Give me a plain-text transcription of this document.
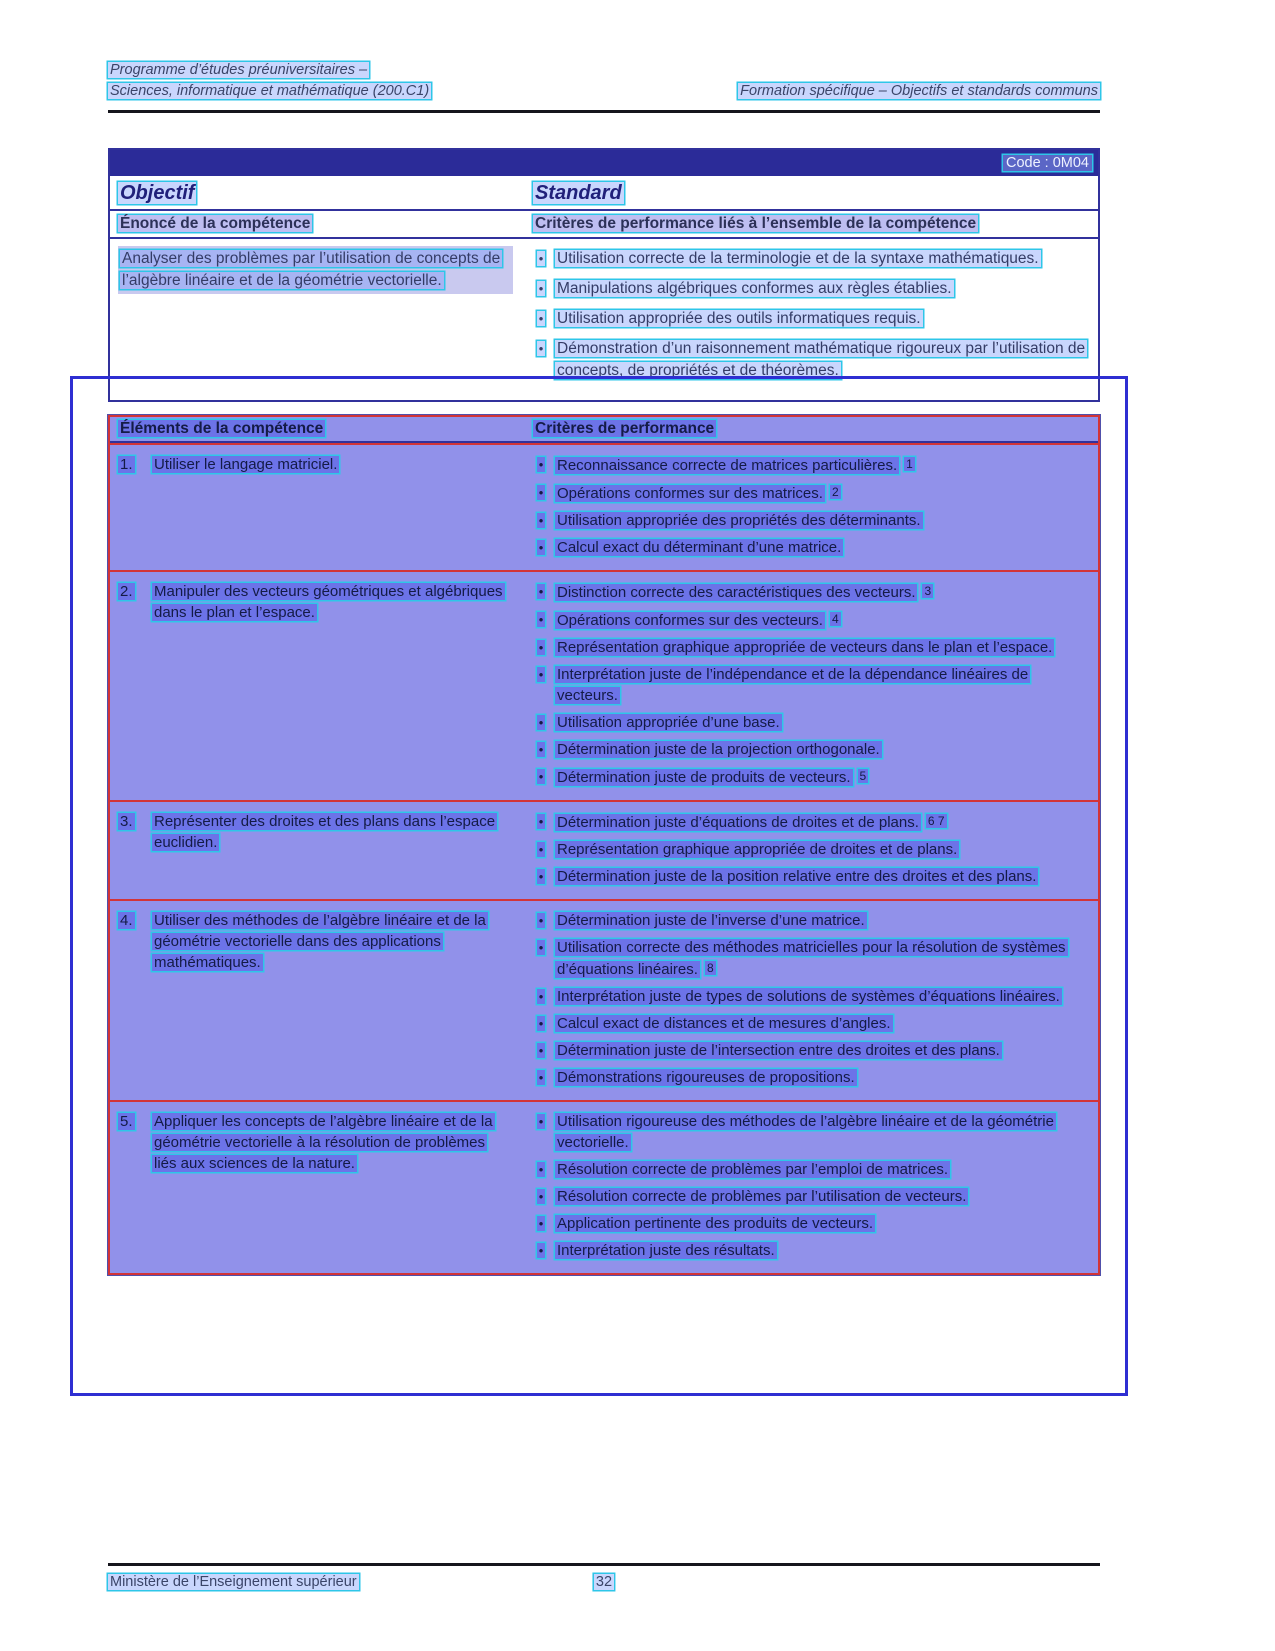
Programme d’études préuniversitaires –
Sciences, informatique et mathématique (200.C1)	Formation spécifique – Objectifs et standards communs
Code : 0M04
Objectif	Standard
Énoncé de la compétence	Critères de performance liés à l’ensemble de la compétence
Analyser des problèmes par l’utilisation de concepts de l’algèbre linéaire et de la géométrie vectorielle.
• Utilisation correcte de la terminologie et de la syntaxe mathématiques.
• Manipulations algébriques conformes aux règles établies.
• Utilisation appropriée des outils informatiques requis.
• Démonstration d’un raisonnement mathématique rigoureux par l’utilisation de concepts, de propriétés et de théorèmes.
Éléments de la compétence	Critères de performance
1.	Utiliser le langage matriciel.	• Reconnaissance correcte de matrices particulières. $^1$
• Opérations conformes sur des matrices. $^2$
• Utilisation appropriée des propriétés des déterminants.
• Calcul exact du déterminant d’une matrice.
2.	Manipuler des vecteurs géométriques et algébriques dans le plan et l’espace.
• Distinction correcte des caractéristiques des vecteurs. $^3$
• Opérations conformes sur des vecteurs. $^4$
• Représentation graphique appropriée de vecteurs dans le plan et l’espace.
• Interprétation juste de l’indépendance et de la dépendance linéaires de vecteurs.
• Utilisation appropriée d’une base.
• Détermination juste de la projection orthogonale.
• Détermination juste de produits de vecteurs. $^5$
3.	Représenter des droites et des plans dans l’espace euclidien.
• Détermination juste d’équations de droites et de plans. $^{6 7}$
• Représentation graphique appropriée de droites et de plans.
• Détermination juste de la position relative entre des droites et des plans.
4.	Utiliser des méthodes de l’algèbre linéaire et de la géométrie vectorielle dans des applications mathématiques.
• Détermination juste de l’inverse d’une matrice.
• Utilisation correcte des méthodes matricielles pour la résolution de systèmes d’équations linéaires. $^8$
• Interprétation juste de types de solutions de systèmes d’équations linéaires.
• Calcul exact de distances et de mesures d’angles.
• Détermination juste de l’intersection entre des droites et des plans.
• Démonstrations rigoureuses de propositions.
5.	Appliquer les concepts de l’algèbre linéaire et de la géométrie vectorielle à la résolution de problèmes liés aux sciences de la nature.
• Utilisation rigoureuse des méthodes de l’algèbre linéaire et de la géométrie vectorielle.
• Résolution correcte de problèmes par l’emploi de matrices.
• Résolution correcte de problèmes par l’utilisation de vecteurs.
• Application pertinente des produits de vecteurs.
• Interprétation juste des résultats.
Ministère de l’Enseignement supérieur	32
